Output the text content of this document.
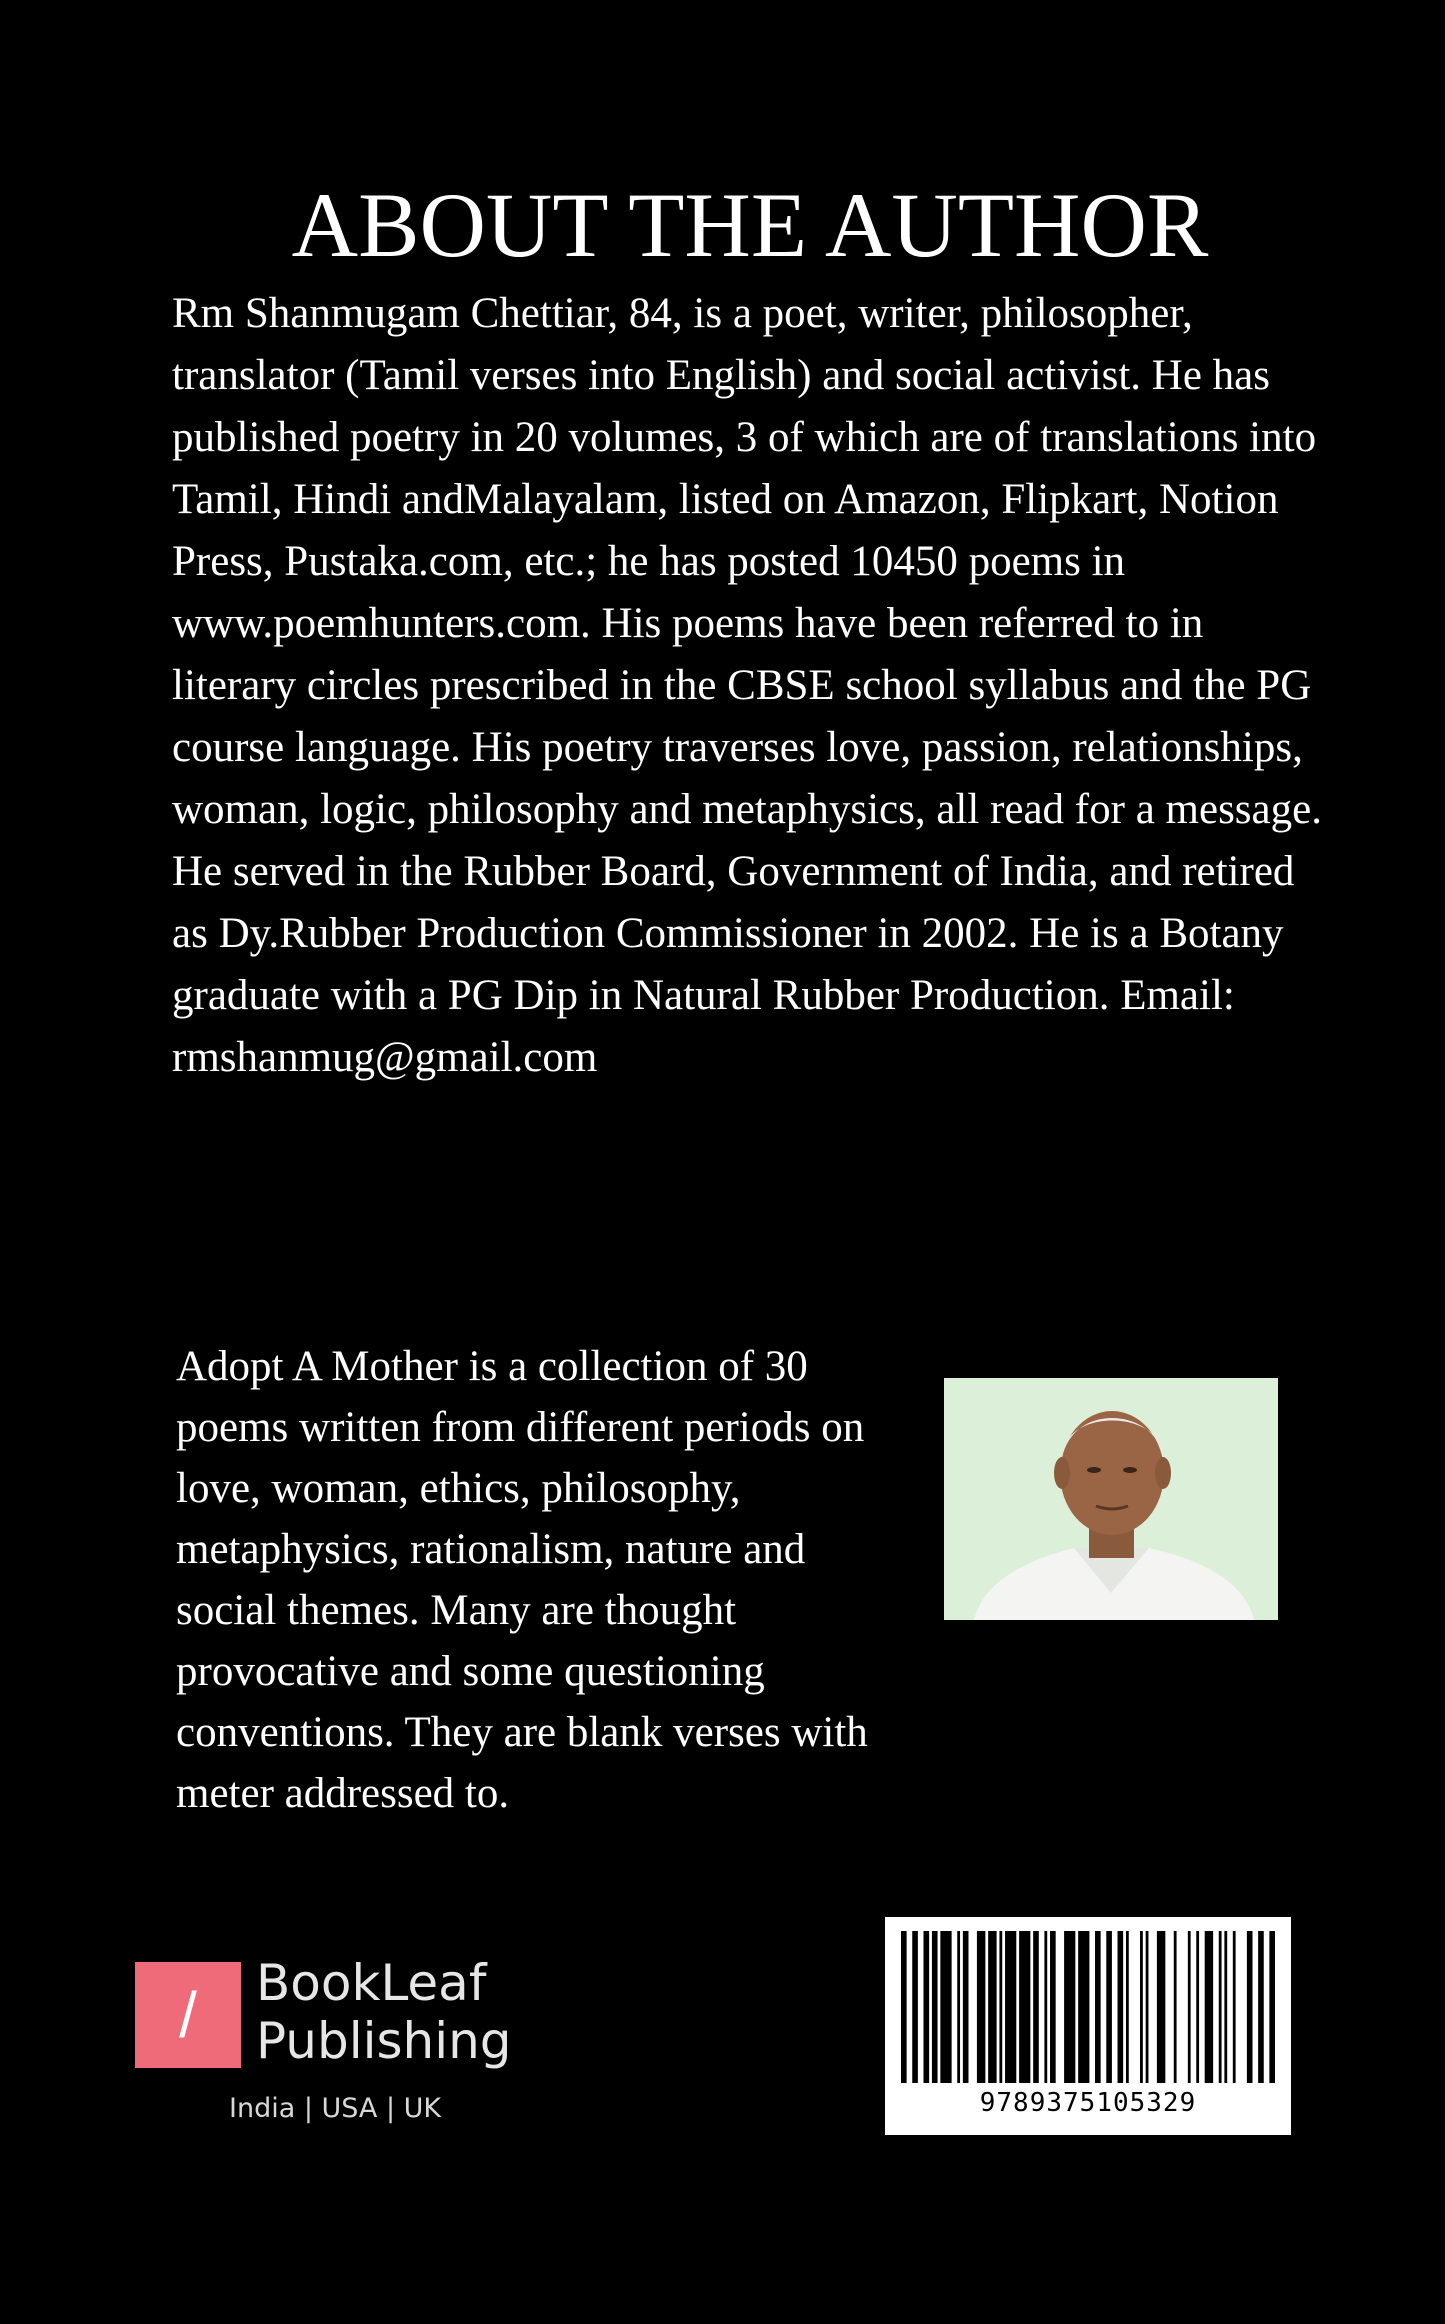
ABOUT THE AUTHOR

Rm Shanmugam Chettiar, 84, is a poet, writer, philosopher, translator (Tamil verses into English) and social activist. He has published poetry in 20 volumes, 3 of which are of translations into Tamil, Hindi andMalayalam, listed on Amazon, Flipkart, Notion Press, Pustaka.com, etc.; he has posted 10450 poems in www.poemhunters.com. His poems have been referred to in literary circles prescribed in the CBSE school syllabus and the PG course language. His poetry traverses love, passion, relationships, woman, logic, philosophy and metaphysics, all read for a message. He served in the Rubber Board, Government of India, and retired as Dy.Rubber Production Commissioner in 2002. He is a Botany graduate with a PG Dip in Natural Rubber Production. Email: rmshanmug@gmail.com

Adopt A Mother is a collection of 30 poems written from different periods on love, woman, ethics, philosophy, metaphysics, rationalism, nature and social themes. Many are thought provocative and some questioning conventions. They are blank verses with meter addressed to.

/	BookLeaf
Publishing
India | USA | UK	9789375105329
